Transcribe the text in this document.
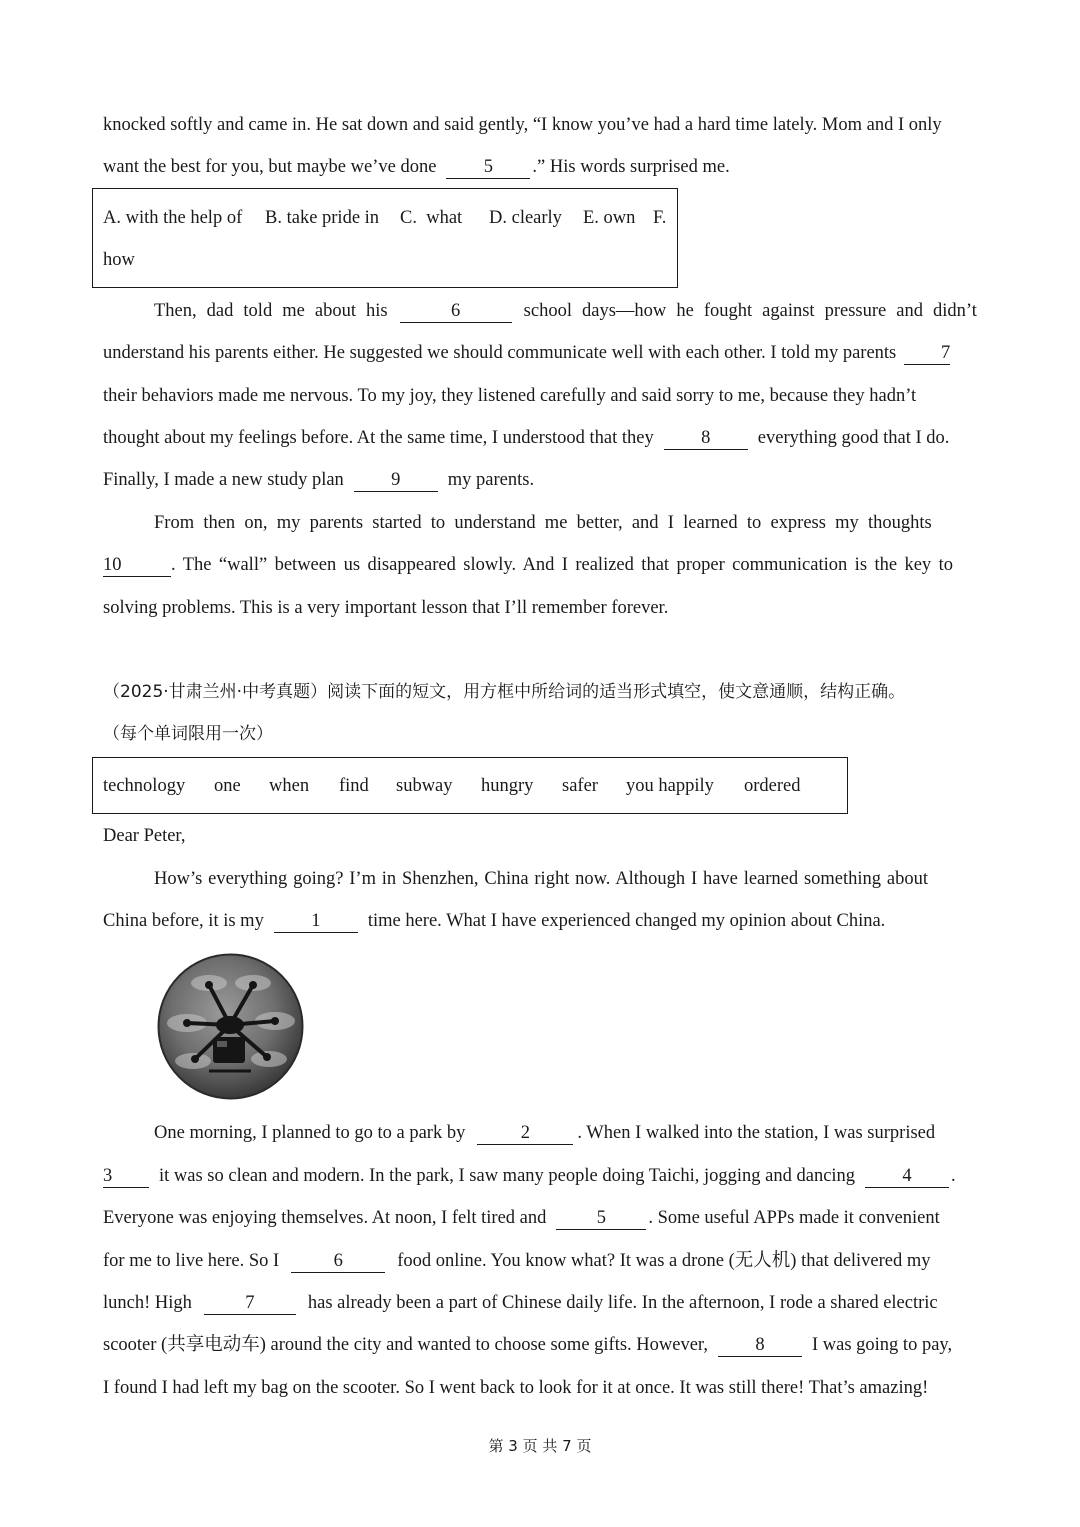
knocked softly and came in. He sat down and said gently, “I know you’ve had a hard time lately. Mom and I only
want the best for you, but maybe we’ve done	5	.” His words surprised me.
A. with the help of B. take pride in C.  what D. clearly E. own F.
how
Then, dad told me about his	6	school days—how he fought against pressure and didn’t
understand his parents either. He suggested we should communicate well with each other. I told my parents	7
their behaviors made me nervous. To my joy, they listened carefully and said sorry to me, because they hadn’t
thought about my feelings before. At the same time, I understood that they	8	everything good that I do.
Finally, I made a new study plan	9	my parents.
From then on, my parents started to understand me better, and I learned to express my thoughts
10	. The “wall” between us disappeared slowly. And I realized that proper communication is the key to
solving problems. This is a very important lesson that I’ll remember forever.
（2025·甘肃兰州·中考真题）阅读下面的短文，用方框中所给词的适当形式填空，使文意通顺，结构正确。
（每个单词限用一次）
technology one when find subway hungry safer you happily ordered
Dear Peter,
How’s everything going? I’m in Shenzhen, China right now. Although I have learned something about
China before, it is my	1	time here. What I have experienced changed my opinion about China.
One morning, I planned to go to a park by	2	. When I walked into the station, I was surprised
3	it was so clean and modern. In the park, I saw many people doing Taichi, jogging and dancing	4	.
Everyone was enjoying themselves. At noon, I felt tired and	5	. Some useful APPs made it convenient
for me to live here. So I	6	food online. You know what? It was a drone (无人机) that delivered my
lunch! High	7	has already been a part of Chinese daily life. In the afternoon, I rode a shared electric
scooter (共享电动车) around the city and wanted to choose some gifts. However,	8	I was going to pay,
I found I had left my bag on the scooter. So I went back to look for it at once. It was still there! That’s amazing!
第 3 页 共 7 页
